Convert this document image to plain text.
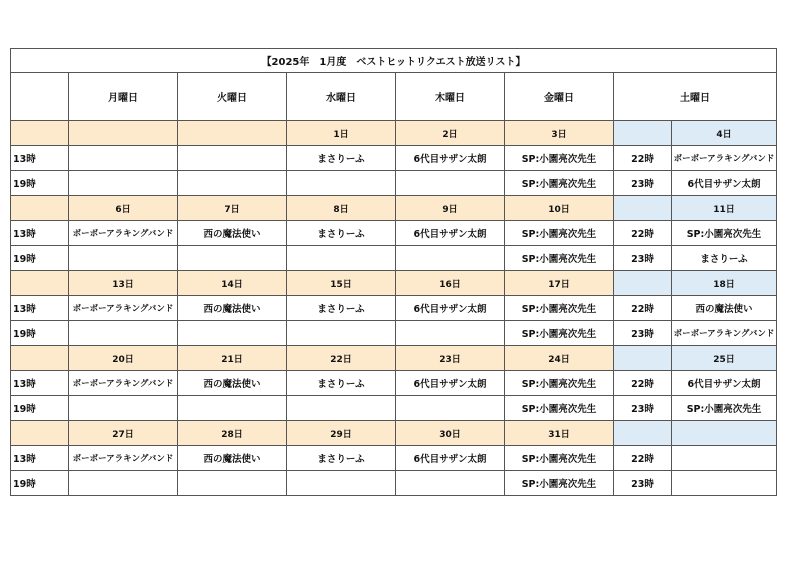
【2025年　1月度　ベストヒットリクエスト放送リスト】							
	月曜日	火曜日	水曜日	木曜日	金曜日	土曜日	
			1日	2日	3日		4日
13時			まさりーふ	6代目サザン太朗	SP:小園亮次先生	22時	ボーボーアラキングバンド
19時					SP:小園亮次先生	23時	6代目サザン太朗
	6日	7日	8日	9日	10日		11日
13時	ボーボーアラキングバンド	西の魔法使い	まさりーふ	6代目サザン太朗	SP:小園亮次先生	22時	SP:小園亮次先生
19時					SP:小園亮次先生	23時	まさりーふ
	13日	14日	15日	16日	17日		18日
13時	ボーボーアラキングバンド	西の魔法使い	まさりーふ	6代目サザン太朗	SP:小園亮次先生	22時	西の魔法使い
19時					SP:小園亮次先生	23時	ボーボーアラキングバンド
	20日	21日	22日	23日	24日		25日
13時	ボーボーアラキングバンド	西の魔法使い	まさりーふ	6代目サザン太朗	SP:小園亮次先生	22時	6代目サザン太朗
19時					SP:小園亮次先生	23時	SP:小園亮次先生
	27日	28日	29日	30日	31日		
13時	ボーボーアラキングバンド	西の魔法使い	まさりーふ	6代目サザン太朗	SP:小園亮次先生	22時	
19時					SP:小園亮次先生	23時	
